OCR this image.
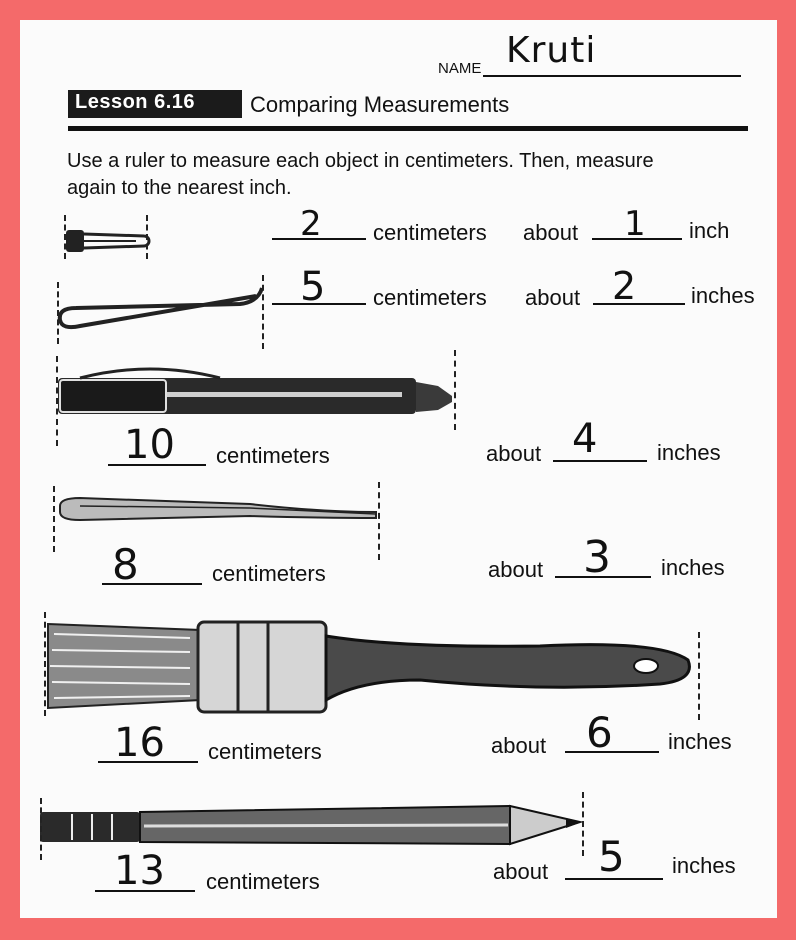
NAME Kruti
Lesson 6.16 Comparing Measurements
Use a ruler to measure each object in centimeters. Then, measure
again to the nearest inch.
2 centimeters about 1 inch
5 centimeters about 2 inches
10 centimeters	about 4	inches
8	centimeters	about 3 inches
16 centimeters	about 6	inches
13 centimeters	about 5 inches
